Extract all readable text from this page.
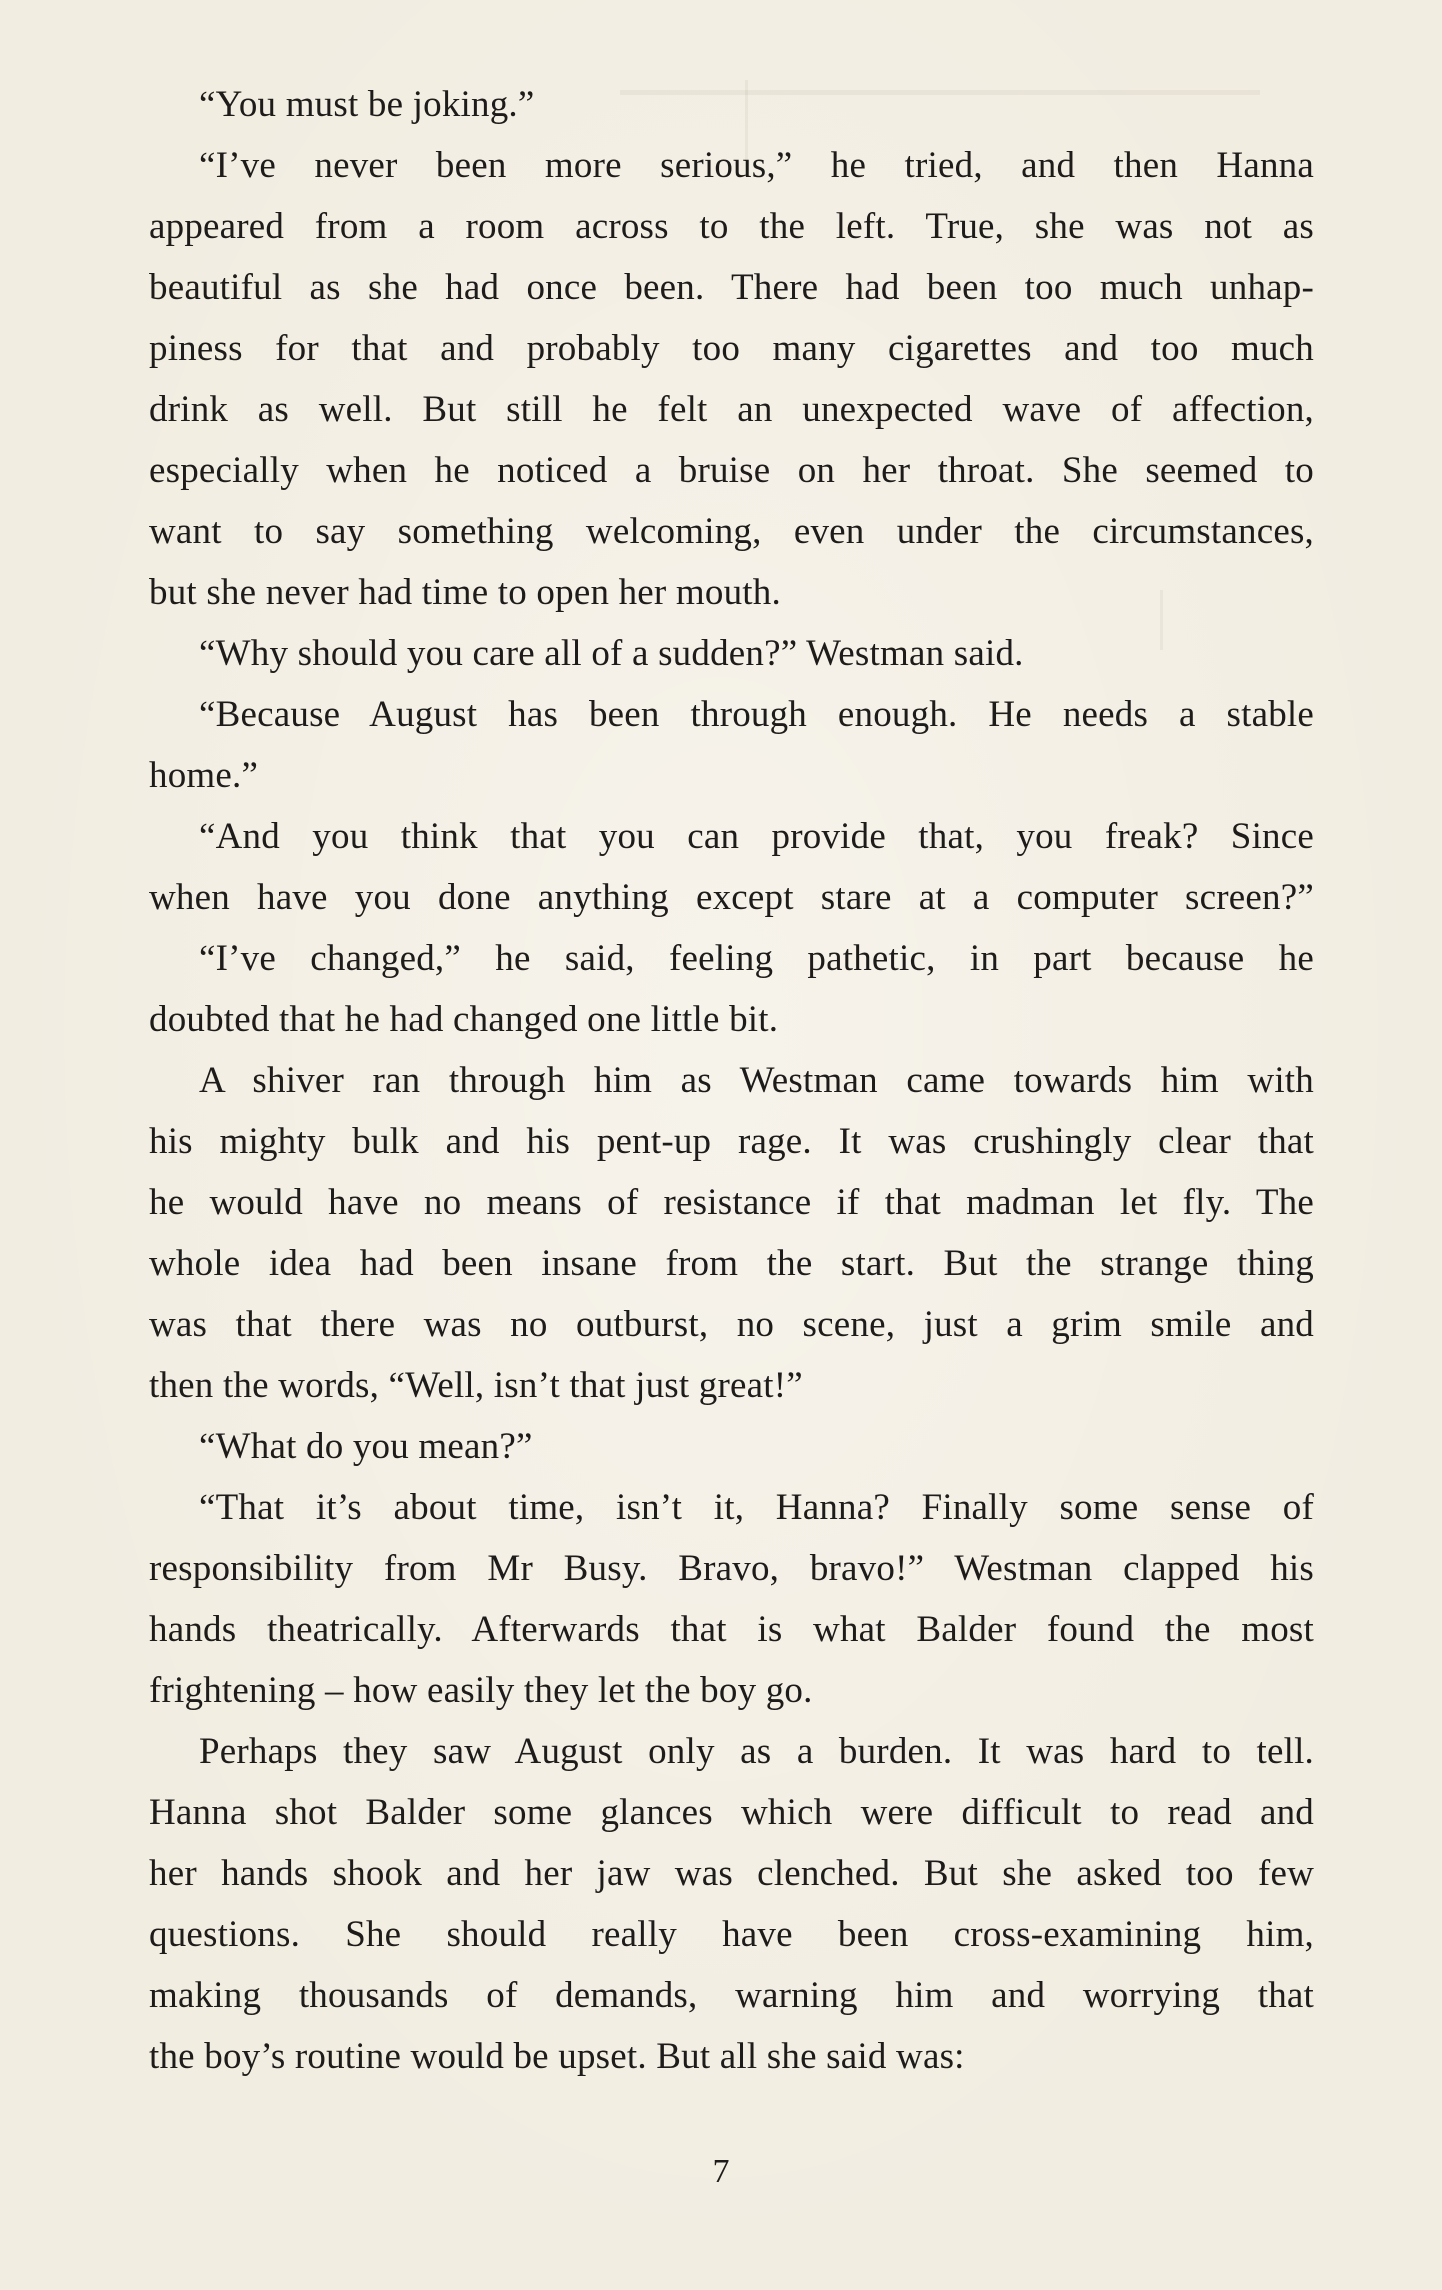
“You must be joking.”
“I’ve never been more serious,” he tried, and then Hanna
appeared from a room across to the left. True, she was not as
beautiful as she had once been. There had been too much unhap-
piness for that and probably too many cigarettes and too much
drink as well. But still he felt an unexpected wave of affection,
especially when he noticed a bruise on her throat. She seemed to
want to say something welcoming, even under the circumstances,
but she never had time to open her mouth.
“Why should you care all of a sudden?” Westman said.
“Because August has been through enough. He needs a stable
home.”
“And you think that you can provide that, you freak? Since
when have you done anything except stare at a computer screen?”
“I’ve changed,” he said, feeling pathetic, in part because he
doubted that he had changed one little bit.
A shiver ran through him as Westman came towards him with
his mighty bulk and his pent-up rage. It was crushingly clear that
he would have no means of resistance if that madman let fly. The
whole idea had been insane from the start. But the strange thing
was that there was no outburst, no scene, just a grim smile and
then the words, “Well, isn’t that just great!”
“What do you mean?”
“That it’s about time, isn’t it, Hanna? Finally some sense of
responsibility from Mr Busy. Bravo, bravo!” Westman clapped his
hands theatrically. Afterwards that is what Balder found the most
frightening – how easily they let the boy go.
Perhaps they saw August only as a burden. It was hard to tell.
Hanna shot Balder some glances which were difficult to read and
her hands shook and her jaw was clenched. But she asked too few
questions. She should really have been cross-examining him,
making thousands of demands, warning him and worrying that
the boy’s routine would be upset. But all she said was:
7
